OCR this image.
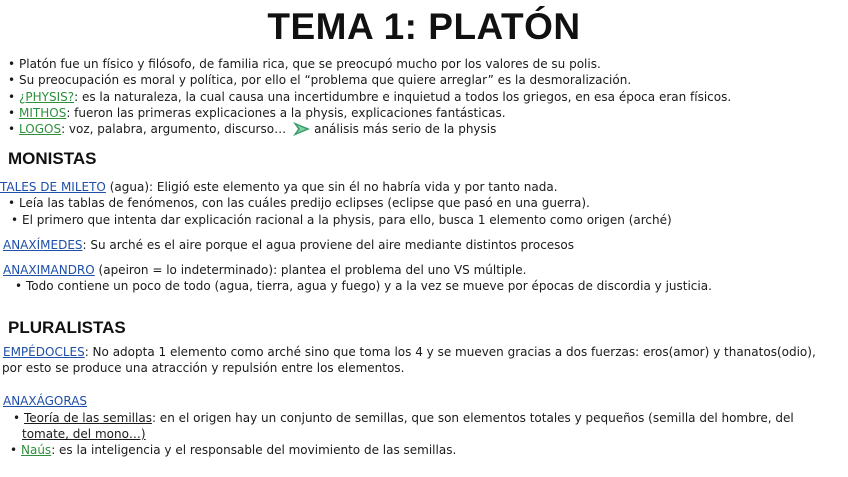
TEMA 1: PLATÓN
• Platón fue un físico y filósofo, de familia rica, que se preocupó mucho por los valores de su polis.
• Su preocupación es moral y política, por ello el “problema que quiere arreglar” es la desmoralización.
• ¿PHYSIS?: es la naturaleza, la cual causa una incertidumbre e inquietud a todos los griegos, en esa época eran físicos.
• MITHOS: fueron las primeras explicaciones a la physis, explicaciones fantásticas.
• LOGOS: voz, palabra, argumento, discurso… análisis más serio de la physis
MONISTAS
TALES DE MILETO (agua): Eligió este elemento ya que sin él no habría vida y por tanto nada.
• Leía las tablas de fenómenos, con las cuáles predijo eclipses (eclipse que pasó en una guerra).
• El primero que intenta dar explicación racional a la physis, para ello, busca 1 elemento como origen (arché)
ANAXÍMEDES: Su arché es el aire porque el agua proviene del aire mediante distintos procesos
ANAXIMANDRO (apeiron = lo indeterminado): plantea el problema del uno VS múltiple.
• Todo contiene un poco de todo (agua, tierra, agua y fuego) y a la vez se mueve por épocas de discordia y justicia.
PLURALISTAS
EMPÉDOCLES: No adopta 1 elemento como arché sino que toma los 4 y se mueven gracias a dos fuerzas: eros(amor) y thanatos(odio),
por esto se produce una atracción y repulsión entre los elementos.
ANAXÁGORAS
• Teoría de las semillas: en el origen hay un conjunto de semillas, que son elementos totales y pequeños (semilla del hombre, del
tomate, del mono…)
• Naús: es la inteligencia y el responsable del movimiento de las semillas.
